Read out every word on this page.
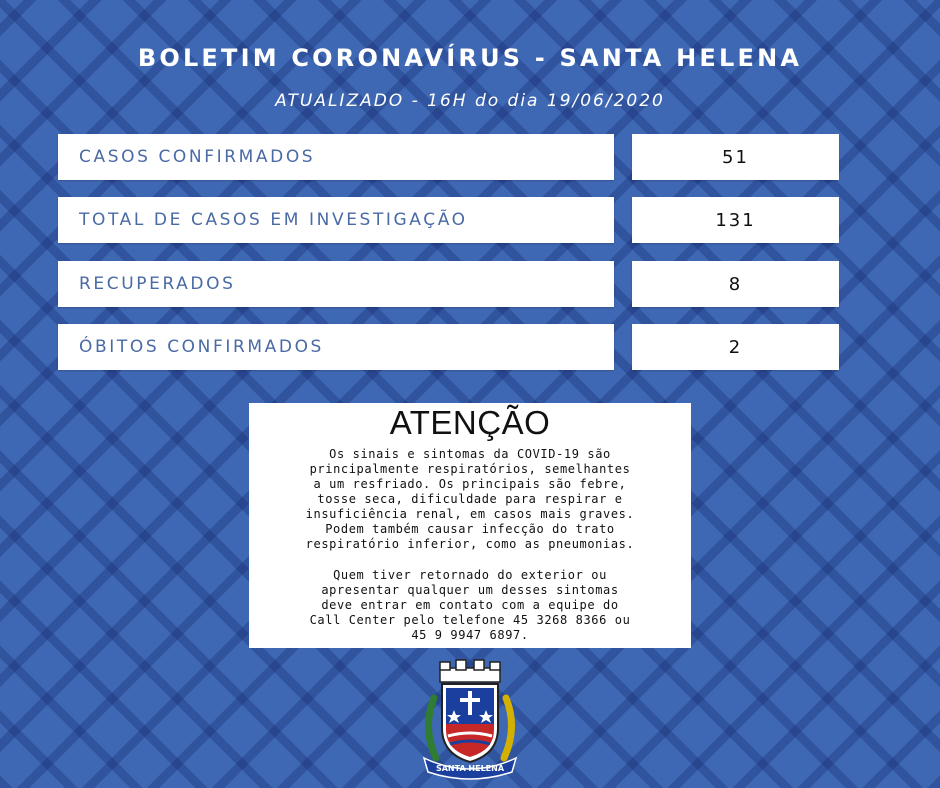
BOLETIM CORONAVÍRUS - SANTA HELENA
ATUALIZADO - 16H do dia 19/06/2020
CASOS CONFIRMADOS	51
TOTAL DE CASOS EM INVESTIGAÇÃO	131
RECUPERADOS	8
ÓBITOS CONFIRMADOS	2
ATENÇÃO
Os sinais e sintomas da COVID-19 são principalmente respiratórios, semelhantes a um resfriado. Os principais são febre, tosse seca, dificuldade para respirar e insuficiência renal, em casos mais graves. Podem também causar infecção do trato respiratório inferior, como as pneumonias.
Quem tiver retornado do exterior ou apresentar qualquer um desses sintomas deve entrar em contato com a equipe do Call Center pelo telefone 45 3268 8366 ou 45 9 9947 6897.
SANTA HELENA
